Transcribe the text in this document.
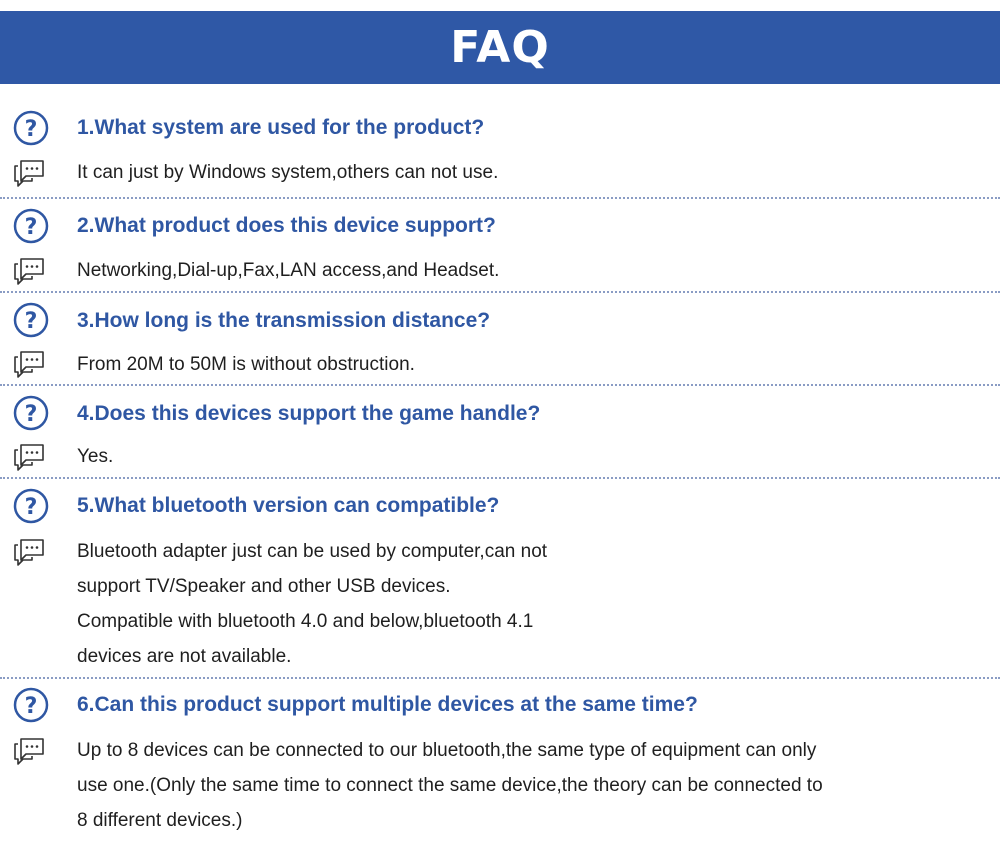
FAQ
? 1.What system are used for the product?

It can just by Windows system,others can not use.

? 2.What product does this device support?

Networking,Dial-up,Fax,LAN access,and Headset.

? 3.How long is the transmission distance?

From 20M to 50M is without obstruction.

? 4.Does this devices support the game handle?

Yes.

? 5.What bluetooth version can compatible?

Bluetooth adapter just can be used by computer,can not

support TV/Speaker and other USB devices.

Compatible with bluetooth 4.0 and below,bluetooth 4.1

devices are not available.

? 6.Can this product support multiple devices at the same time?

Up to 8 devices can be connected to our bluetooth,the same type of equipment can only

use one.(Only the same time to connect the same device,the theory can be connected to

8 different devices.)
